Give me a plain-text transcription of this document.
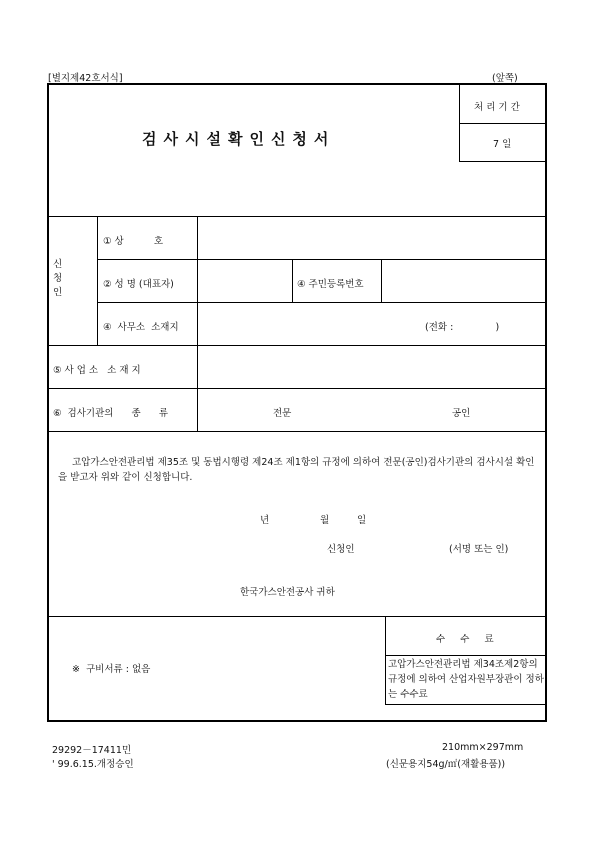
[별지제42호서식]	(앞쪽)
검사시설확인신청서
처 리 기 간
7 일
신
청
인
① 상          호
② 성 명 (대표자)	④ 주민등록번호
④  사무소  소재지	(전화 :              )
⑤ 사 업 소   소 재 지
⑥  검사기관의      종      류	전문	공인
고압가스안전관리법 제35조 및 동법시행령 제24조 제1항의 규정에 의하여 전문(공인)검사기관의 검사시설 확인을 받고자 위와 같이 신청합니다.
년	월	일
신청인	(서명 또는 인)
한국가스안전공사 귀하
※  구비서류 : 없음
수     수     료
고압가스안전관리법 제34조제2항의 규정에 의하여 산업자원부장관이 정하는 수수료
29292－17411민
' 99.6.15.개정승인
210mm×297mm
(신문용지54g/㎡(재활용품))
